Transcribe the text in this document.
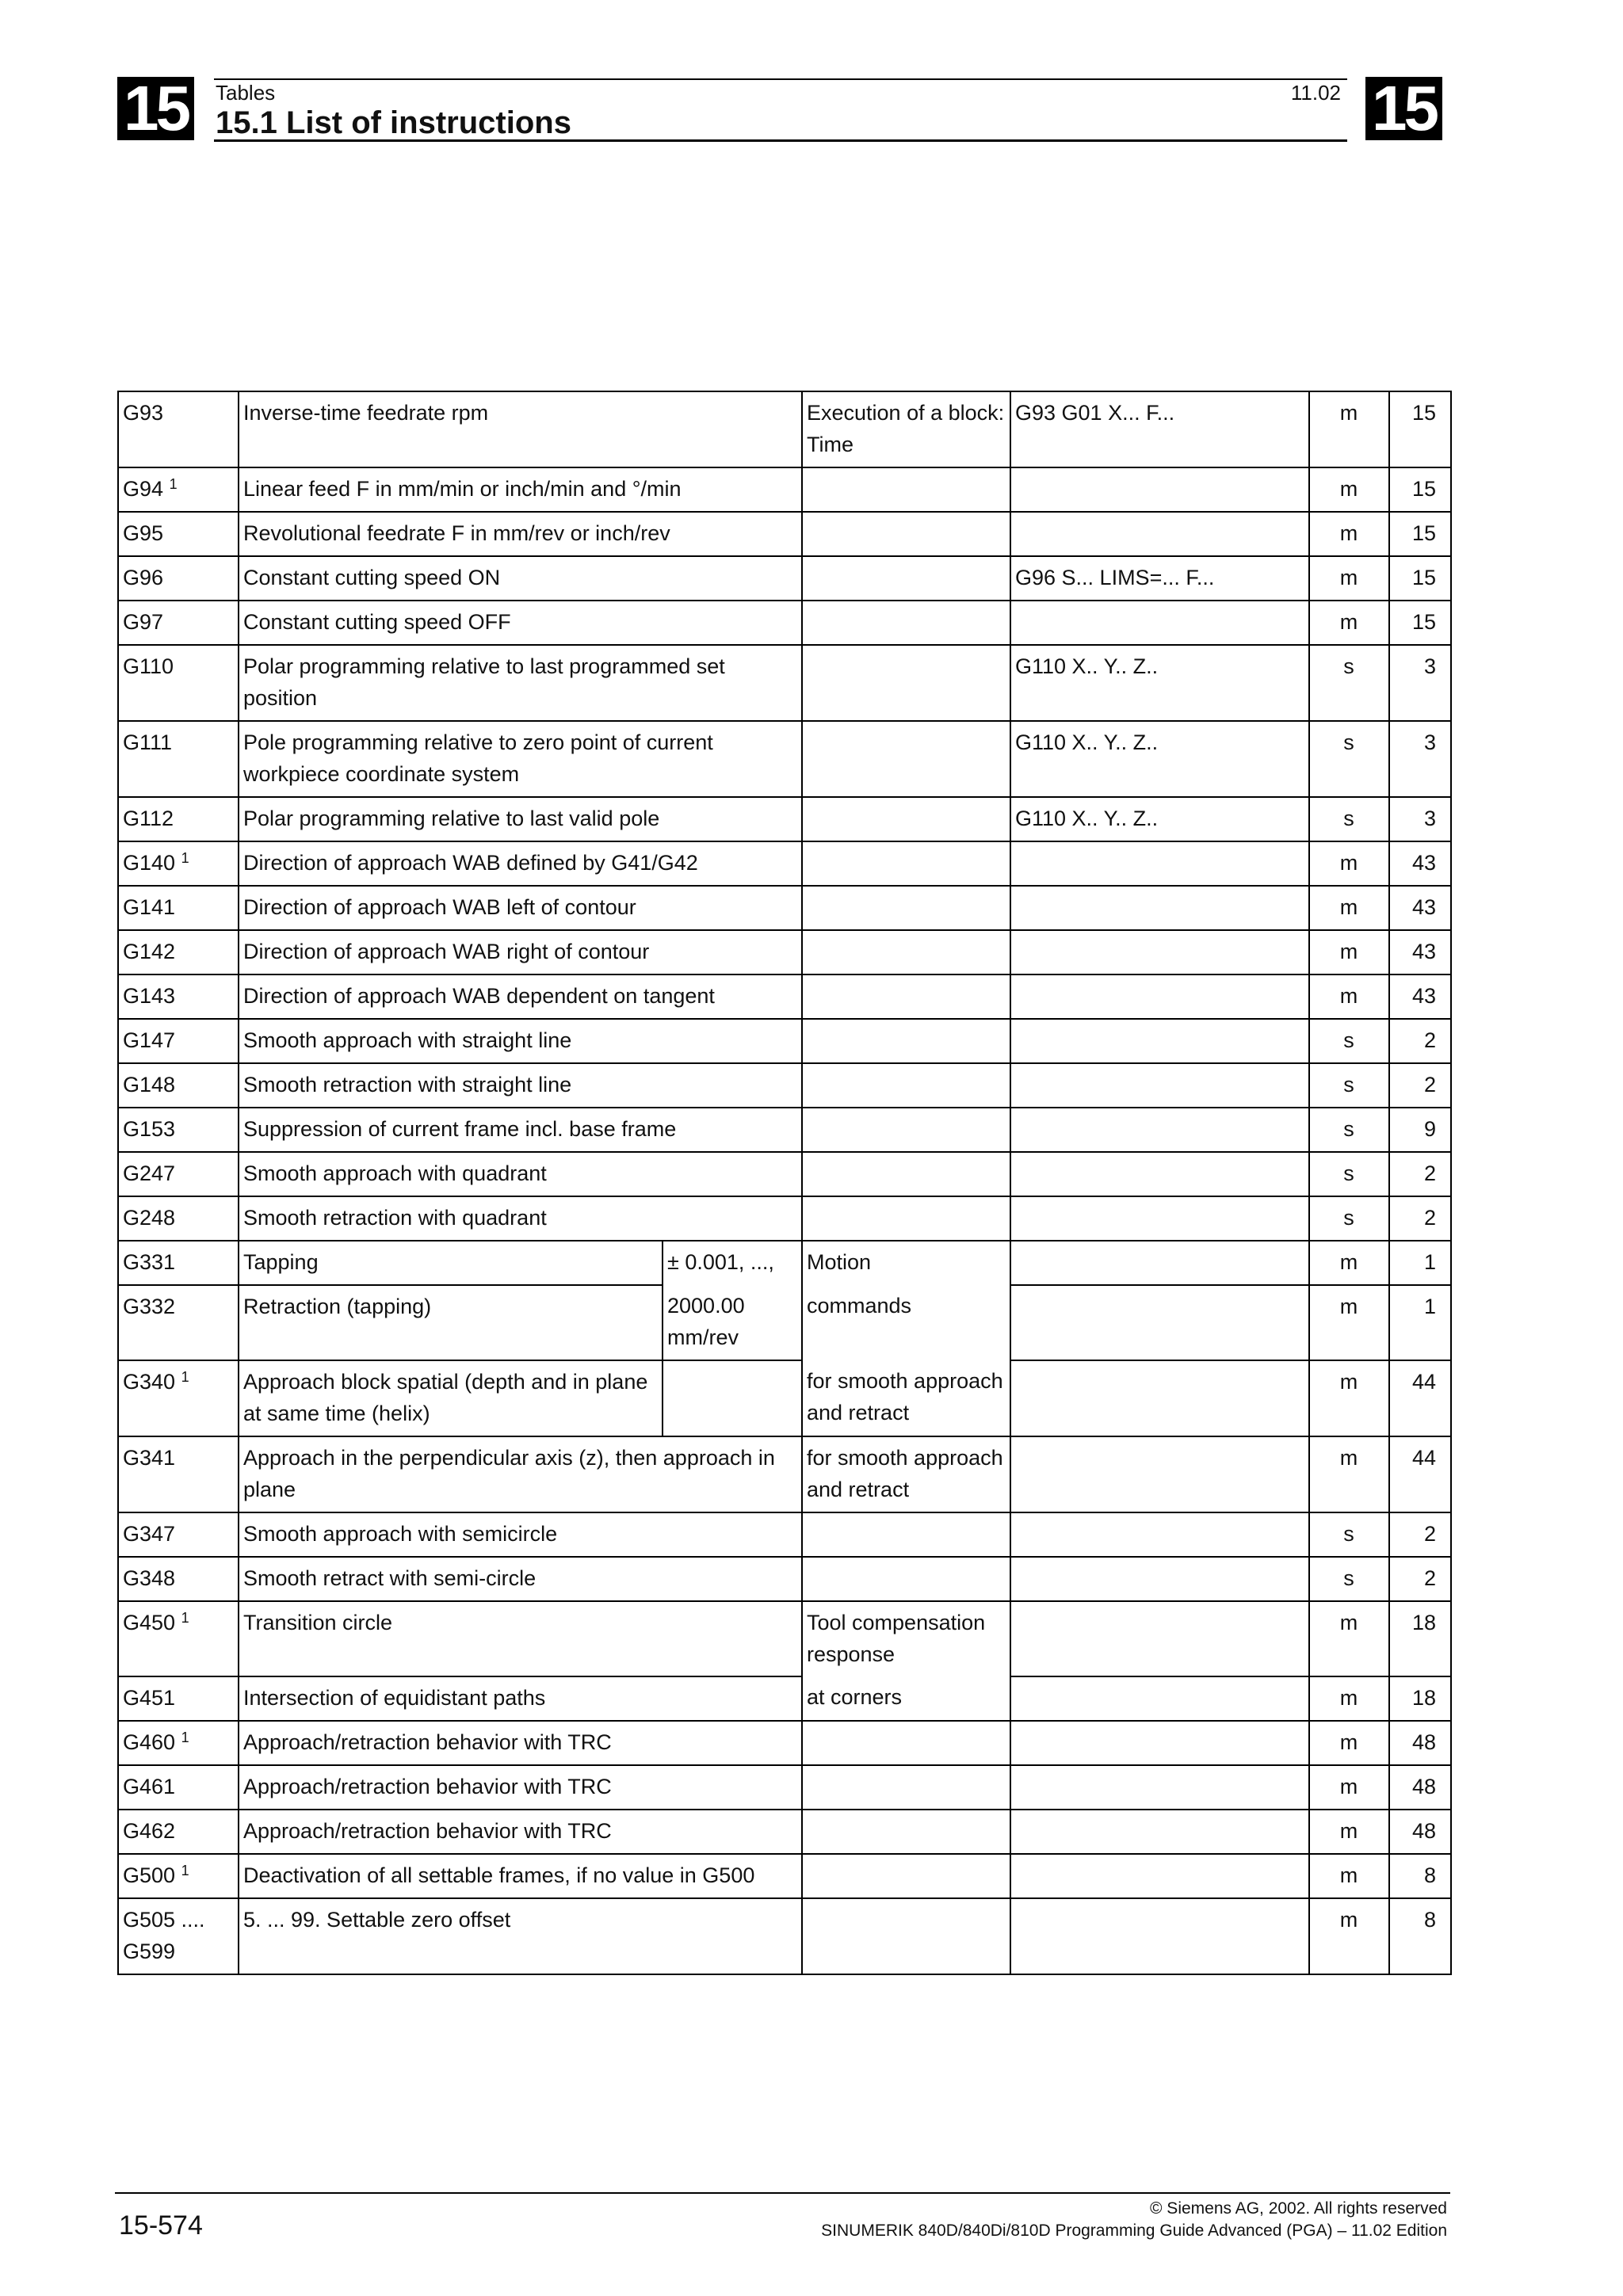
15	Tables
15.1 List of instructions
11.02 15
G93	Inverse-time feedrate rpm		Execution of a block: Time	G93 G01 X... F...	m	15
G94 $^1$	Linear feed F in mm/min or inch/min and °/min				m	15
G95	Revolutional feedrate F in mm/rev or inch/rev				m	15
G96	Constant cutting speed ON			G96 S... LIMS=... F...	m	15
G97	Constant cutting speed OFF				m	15
G110	Polar programming relative to last programmed set position			G110 X.. Y.. Z..	s	3
G111	Pole programming relative to zero point of current workpiece coordinate system			G110 X.. Y.. Z..	s	3
G112	Polar programming relative to last valid pole			G110 X.. Y.. Z..	s	3
G140 $^1$	Direction of approach WAB defined by G41/G42				m	43
G141	Direction of approach WAB left of contour				m	43
G142	Direction of approach WAB right of contour				m	43
G143	Direction of approach WAB dependent on tangent				m	43
G147	Smooth approach with straight line				s	2
G148	Smooth retraction with straight line				s	2
G153	Suppression of current frame incl. base frame				s	9
G247	Smooth approach with quadrant				s	2
G248	Smooth retraction with quadrant				s	2
G331	Tapping	± 0.001, ...,	Motion		m	1
G332	Retraction (tapping)	2000.00 mm/rev	commands		m	1
G340 $^1$	Approach block spatial (depth and in plane at same time (helix)		for smooth approach and retract		m	44
G341	Approach in the perpendicular axis (z), then approach in plane		for smooth approach and retract		m	44
G347	Smooth approach with semicircle				s	2
G348	Smooth retract with semi-circle				s	2
G450 $^1$	Transition circle		Tool compensation response		m	18
G451	Intersection of equidistant paths		at corners		m	18
G460 $^1$	Approach/retraction behavior with TRC				m	48
G461	Approach/retraction behavior with TRC				m	48
G462	Approach/retraction behavior with TRC				m	48
G500 $^1$	Deactivation of all settable frames, if no value in G500				m	8
G505 .... G599	5. ... 99. Settable zero offset				m	8
15-574
© Siemens AG, 2002. All rights reserved
SINUMERIK 840D/840Di/810D Programming Guide Advanced (PGA) – 11.02 Edition
